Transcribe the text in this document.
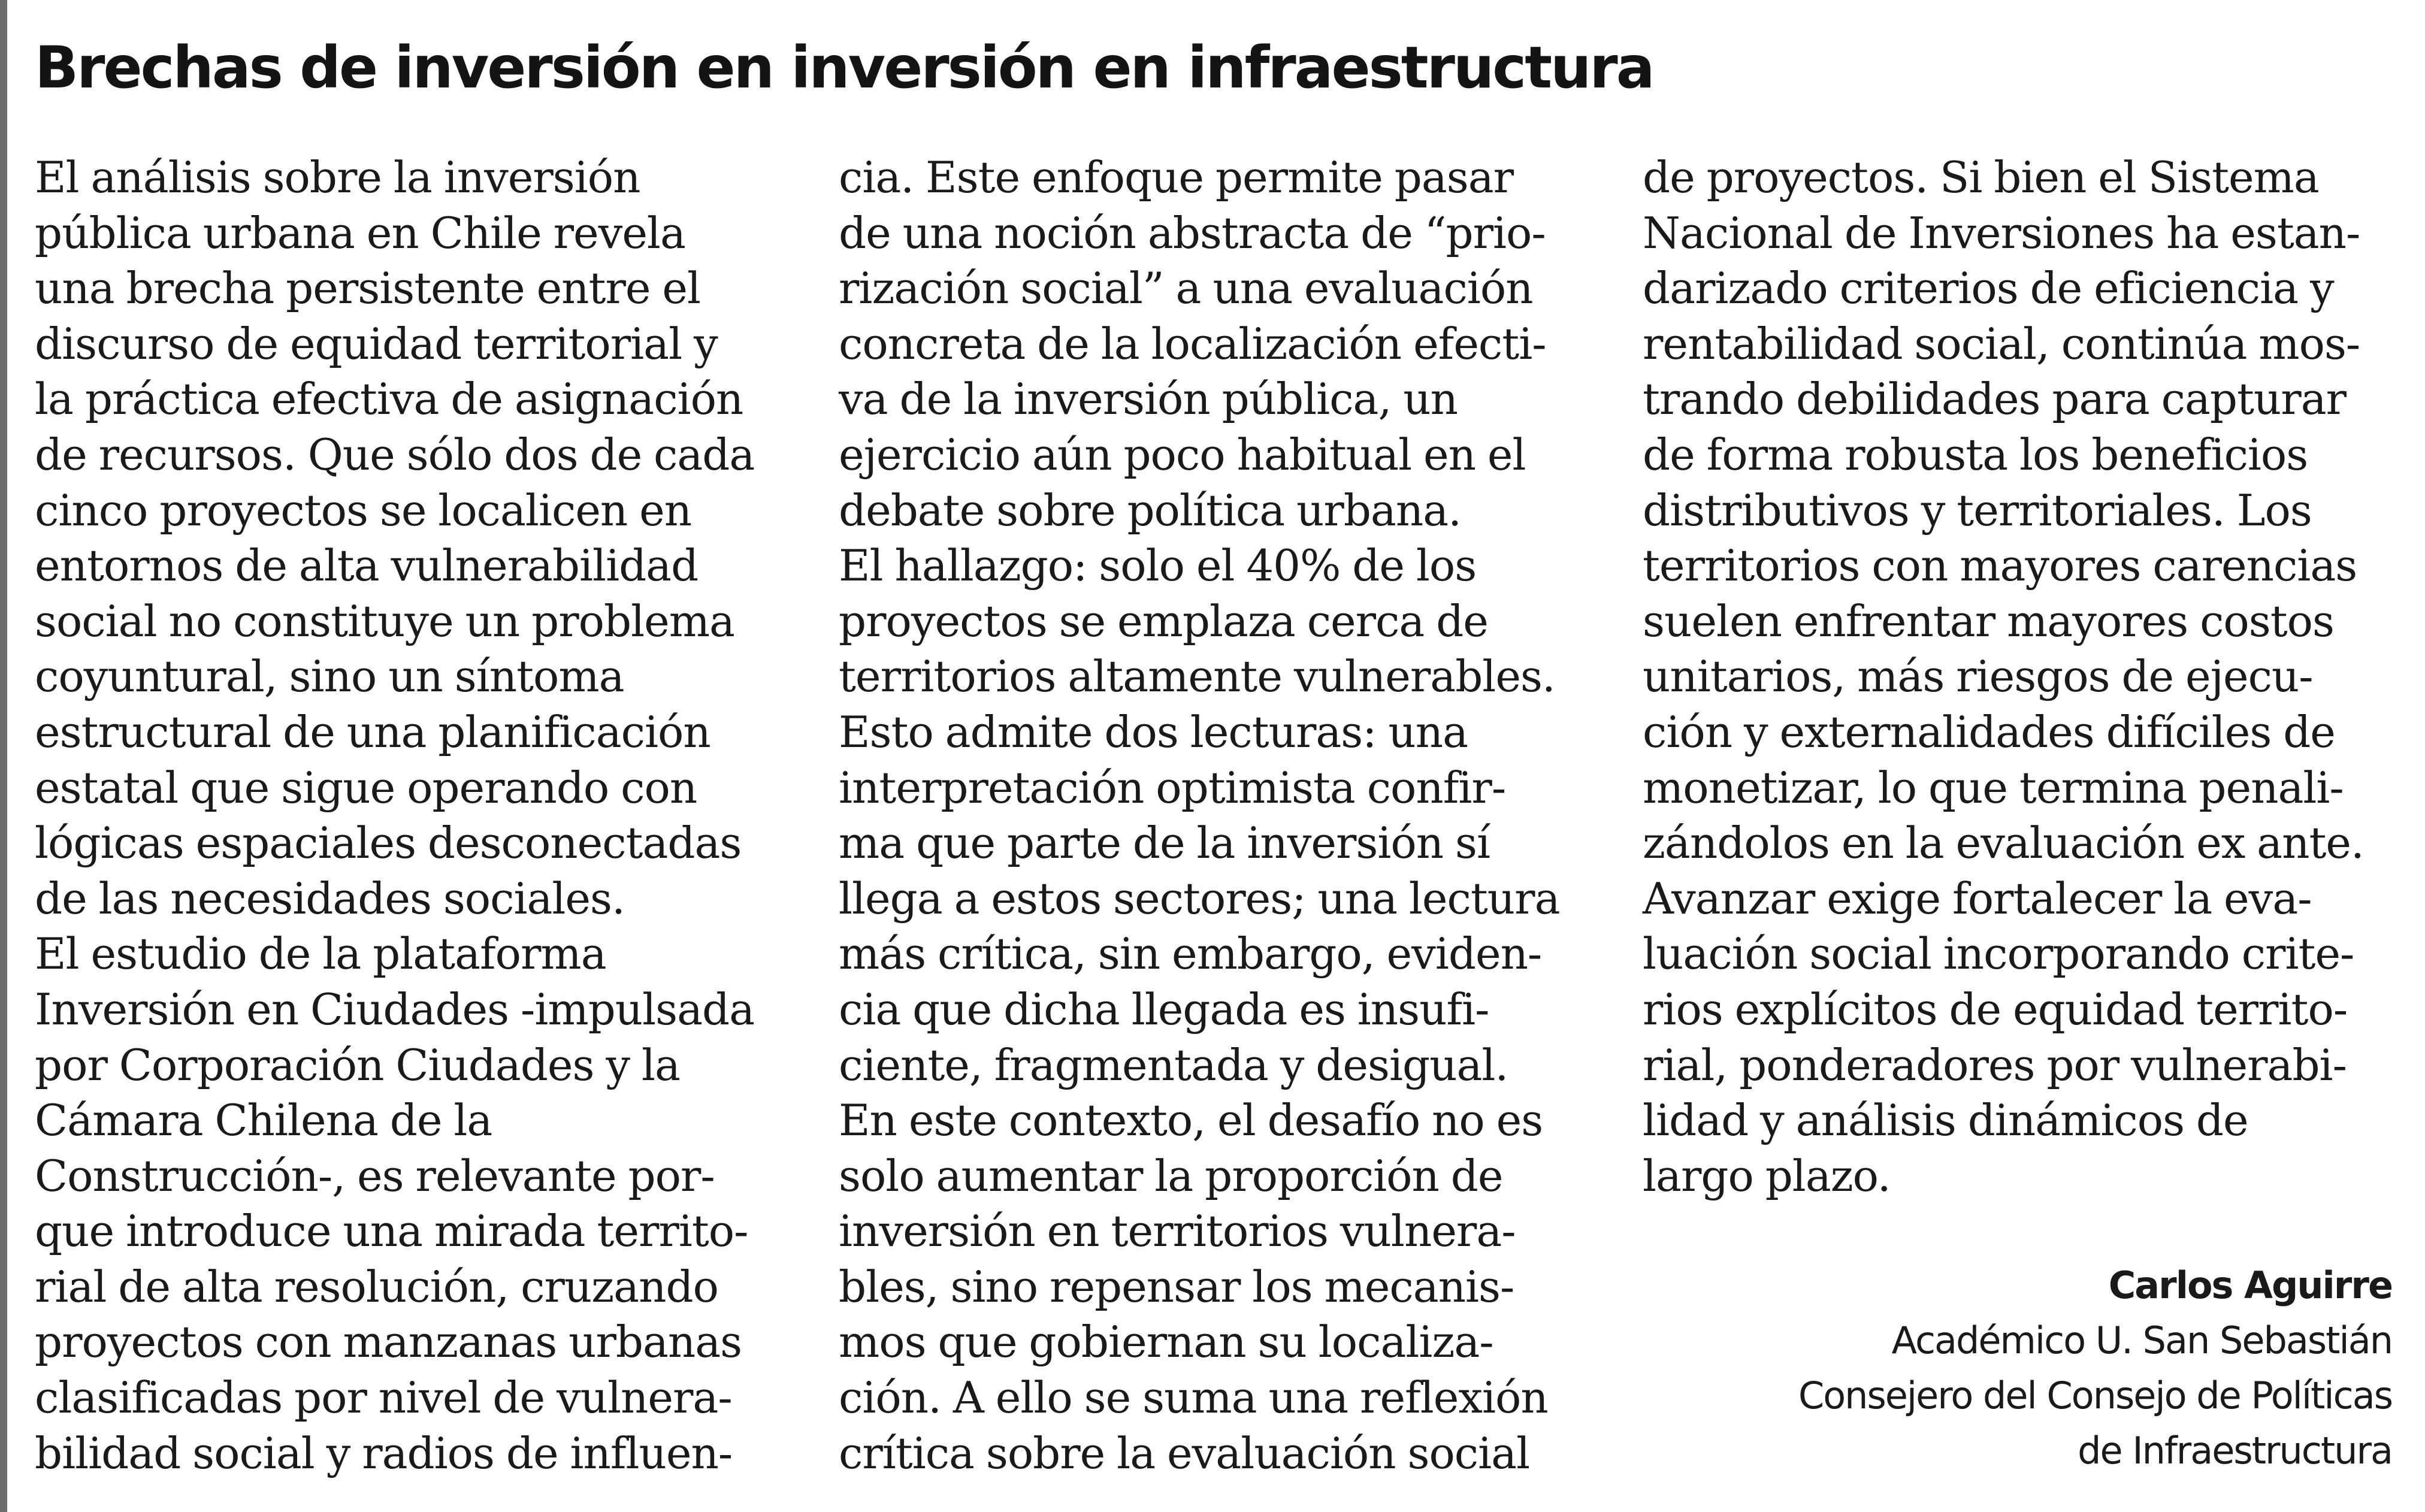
Brechas de inversión en inversión en infraestructura
El análisis sobre la inversión
pública urbana en Chile revela
una brecha persistente entre el
discurso de equidad territorial y
la práctica efectiva de asignación
de recursos. Que sólo dos de cada
cinco proyectos se localicen en
entornos de alta vulnerabilidad
social no constituye un problema
coyuntural, sino un síntoma
estructural de una planificación
estatal que sigue operando con
lógicas espaciales desconectadas
de las necesidades sociales.
El estudio de la plataforma
Inversión en Ciudades -impulsada
por Corporación Ciudades y la
Cámara Chilena de la
Construcción-, es relevante por-
que introduce una mirada territo-
rial de alta resolución, cruzando
proyectos con manzanas urbanas
clasificadas por nivel de vulnera-
bilidad social y radios de influen-
cia. Este enfoque permite pasar
de una noción abstracta de “prio-
rización social” a una evaluación
concreta de la localización efecti-
va de la inversión pública, un
ejercicio aún poco habitual en el
debate sobre política urbana.
El hallazgo: solo el 40% de los
proyectos se emplaza cerca de
territorios altamente vulnerables.
Esto admite dos lecturas: una
interpretación optimista confir-
ma que parte de la inversión sí
llega a estos sectores; una lectura
más crítica, sin embargo, eviden-
cia que dicha llegada es insufi-
ciente, fragmentada y desigual.
En este contexto, el desafío no es
solo aumentar la proporción de
inversión en territorios vulnera-
bles, sino repensar los mecanis-
mos que gobiernan su localiza-
ción. A ello se suma una reflexión
crítica sobre la evaluación social
de proyectos. Si bien el Sistema
Nacional de Inversiones ha estan-
darizado criterios de eficiencia y
rentabilidad social, continúa mos-
trando debilidades para capturar
de forma robusta los beneficios
distributivos y territoriales. Los
territorios con mayores carencias
suelen enfrentar mayores costos
unitarios, más riesgos de ejecu-
ción y externalidades difíciles de
monetizar, lo que termina penali-
zándolos en la evaluación ex ante.
Avanzar exige fortalecer la eva-
luación social incorporando crite-
rios explícitos de equidad territo-
rial, ponderadores por vulnerabi-
lidad y análisis dinámicos de
largo plazo.
Carlos Aguirre
Académico U. San Sebastián
Consejero del Consejo de Políticas
de Infraestructura
